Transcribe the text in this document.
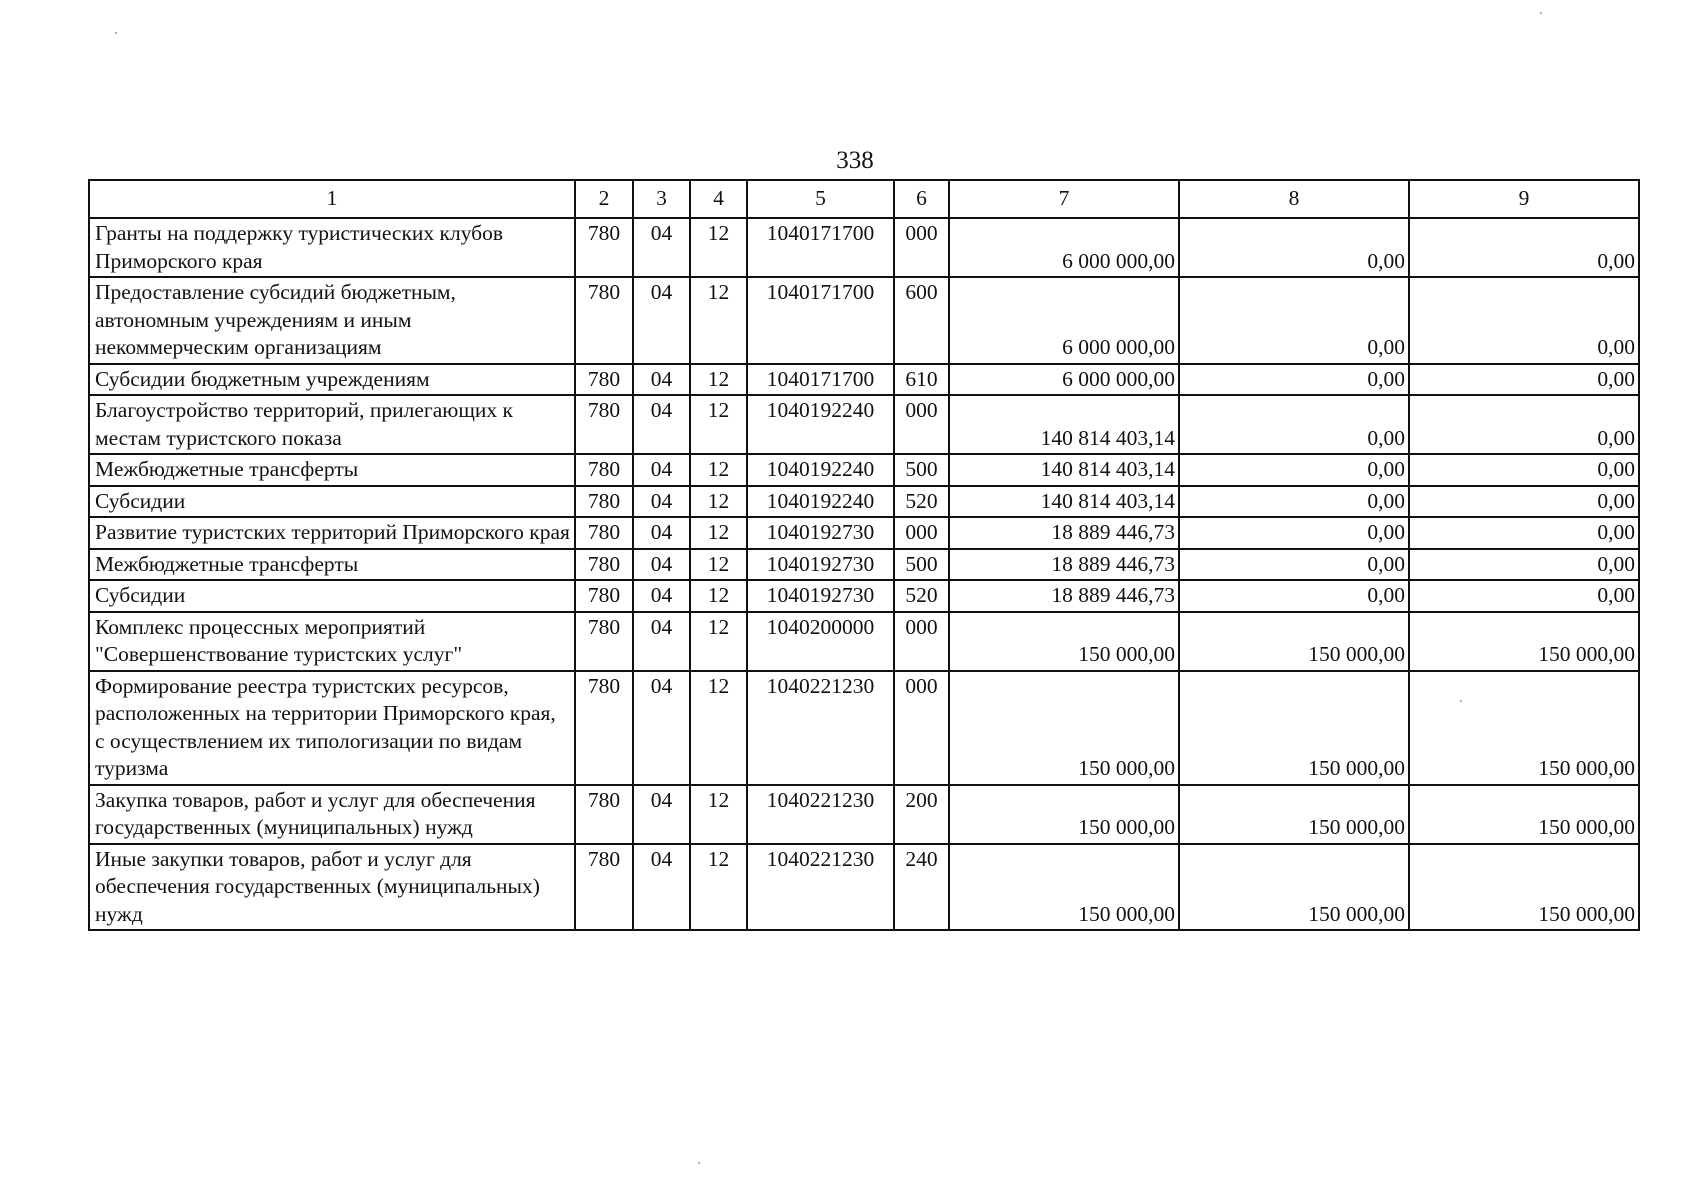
338
1	2	3	4	5	6	7	8	9
Гранты на поддержку туристических клубов Приморского края	780	04	12	1040171700	000	6 000 000,00	0,00	0,00
Предоставление субсидий бюджетным, автономным учреждениям и иным некоммерческим организациям	780	04	12	1040171700	600	6 000 000,00	0,00	0,00
Субсидии бюджетным учреждениям	780	04	12	1040171700	610	6 000 000,00	0,00	0,00
Благоустройство территорий, прилегающих к местам туристского показа	780	04	12	1040192240	000	140 814 403,14	0,00	0,00
Межбюджетные трансферты	780	04	12	1040192240	500	140 814 403,14	0,00	0,00
Субсидии	780	04	12	1040192240	520	140 814 403,14	0,00	0,00
Развитие туристских территорий Приморского края	780	04	12	1040192730	000	18 889 446,73	0,00	0,00
Межбюджетные трансферты	780	04	12	1040192730	500	18 889 446,73	0,00	0,00
Субсидии	780	04	12	1040192730	520	18 889 446,73	0,00	0,00
Комплекс процессных мероприятий "Совершенствование туристских услуг"	780	04	12	1040200000	000	150 000,00	150 000,00	150 000,00
Формирование реестра туристских ресурсов, расположенных на территории Приморского края, с осуществлением их типологизации по видам туризма	780	04	12	1040221230	000	150 000,00	150 000,00	150 000,00
Закупка товаров, работ и услуг для обеспечения государственных (муниципальных) нужд	780	04	12	1040221230	200	150 000,00	150 000,00	150 000,00
Иные закупки товаров, работ и услуг для обеспечения государственных (муниципальных) нужд	780	04	12	1040221230	240	150 000,00	150 000,00	150 000,00
